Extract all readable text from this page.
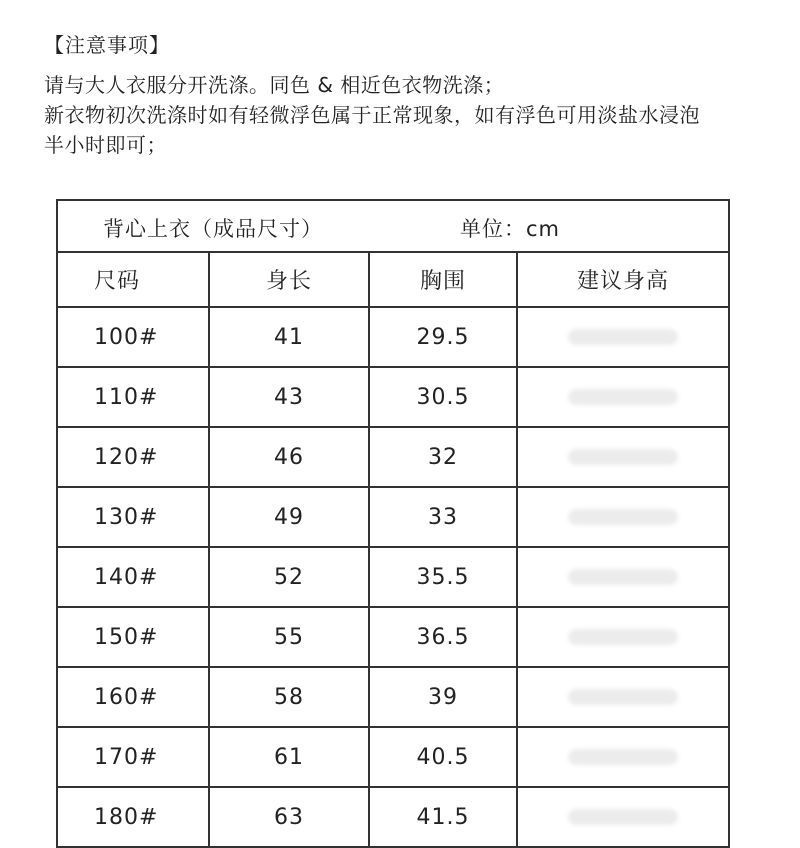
【注意事项】

请与大人衣服分开洗涤。同色 & 相近色衣物洗涤；

新衣物初次洗涤时如有轻微浮色属于正常现象，如有浮色可用淡盐水浸泡

半小时即可；

背心上衣（成品尺寸） 单位：cm			

尺码	身长	胸围	建议身高
100#	41	29.5	

110#	43	30.5	

120#	46	32	

130#	49	33	

140#	52	35.5	

150#	55	36.5	

160#	58	39	

170#	61	40.5	

180#	63	41.5	
